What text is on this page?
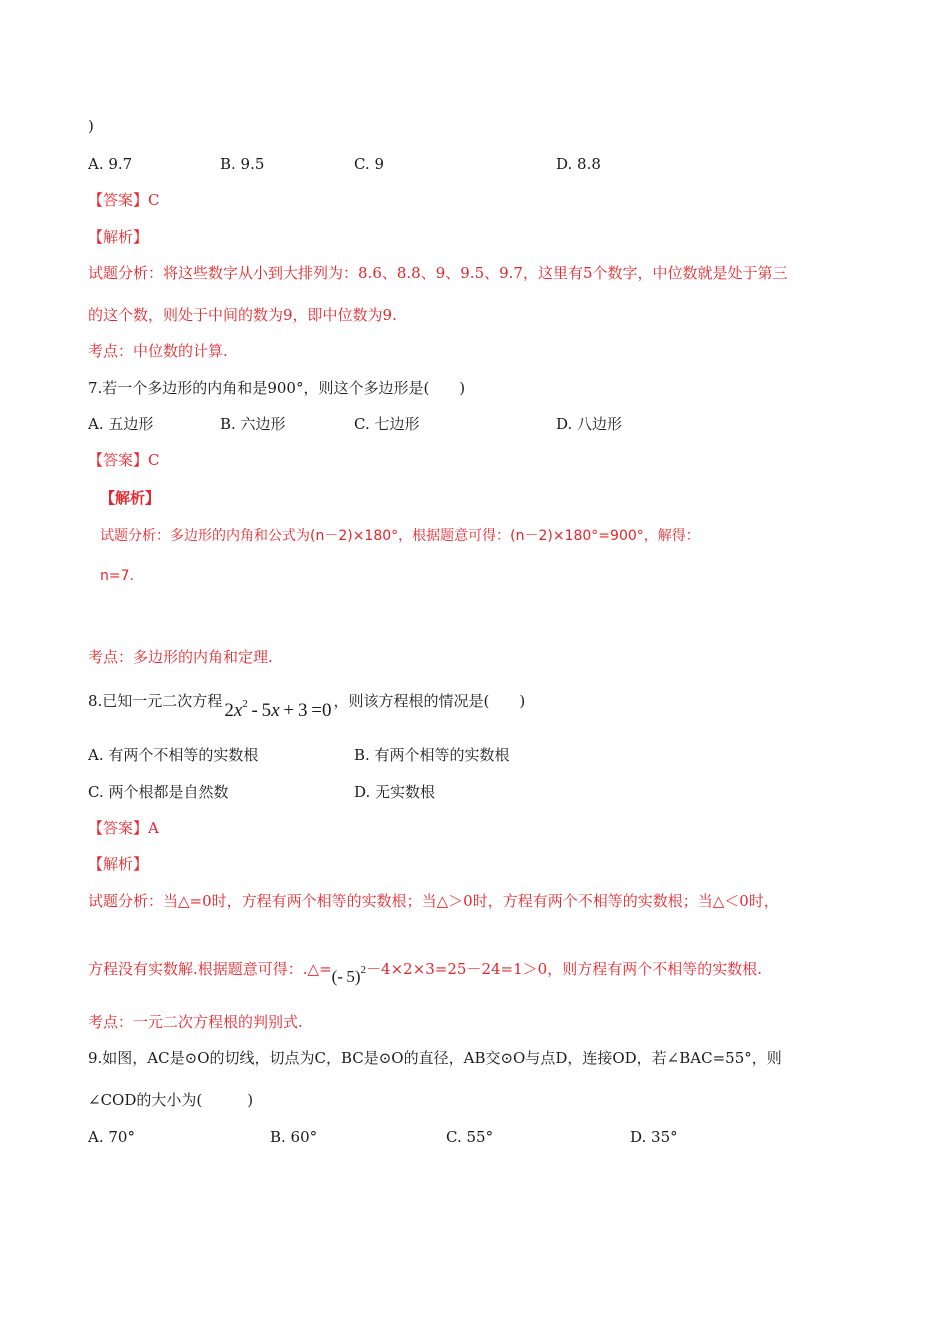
)
A. 9.7	B. 9.5	C. 9	D. 8.8
【答案】C
【解析】
试题分析：将这些数字从小到大排列为：8.6、8.8、9、9.5、9.7，这里有5个数字，中位数就是处于第三
的这个数，则处于中间的数为9，即中位数为9.
考点：中位数的计算.
7.若一个多边形的内角和是900°，则这个多边形是(　　)
A. 五边形	B. 六边形	C. 七边形	D. 八边形
【答案】C
【解析】
试题分析：多边形的内角和公式为(n－2)×180°，根据题意可得：(n－2)×180°=900°，解得：
n=7.
考点：多边形的内角和定理.
8.已知一元二次方程 $2x^2 - 5x + 3 =0$ ，则该方程根的情况是(　　)
A. 有两个不相等的实数根	B. 有两个相等的实数根
C. 两个根都是自然数	D. 无实数根
【答案】A
【解析】
试题分析：当△=0时，方程有两个相等的实数根；当△＞0时，方程有两个不相等的实数根；当△＜0时，
方程没有实数解.根据题意可得：.△=(- 5)$^2$－4×2×3=25－24=1＞0，则方程有两个不相等的实数根.
考点：一元二次方程根的判别式.
9.如图，AC是⊙O的切线，切点为C，BC是⊙O的直径，AB交⊙O与点D，连接OD，若∠BAC=55°，则
∠COD的大小为(　　　)
A. 70°	B. 60°	C. 55°	D. 35°
